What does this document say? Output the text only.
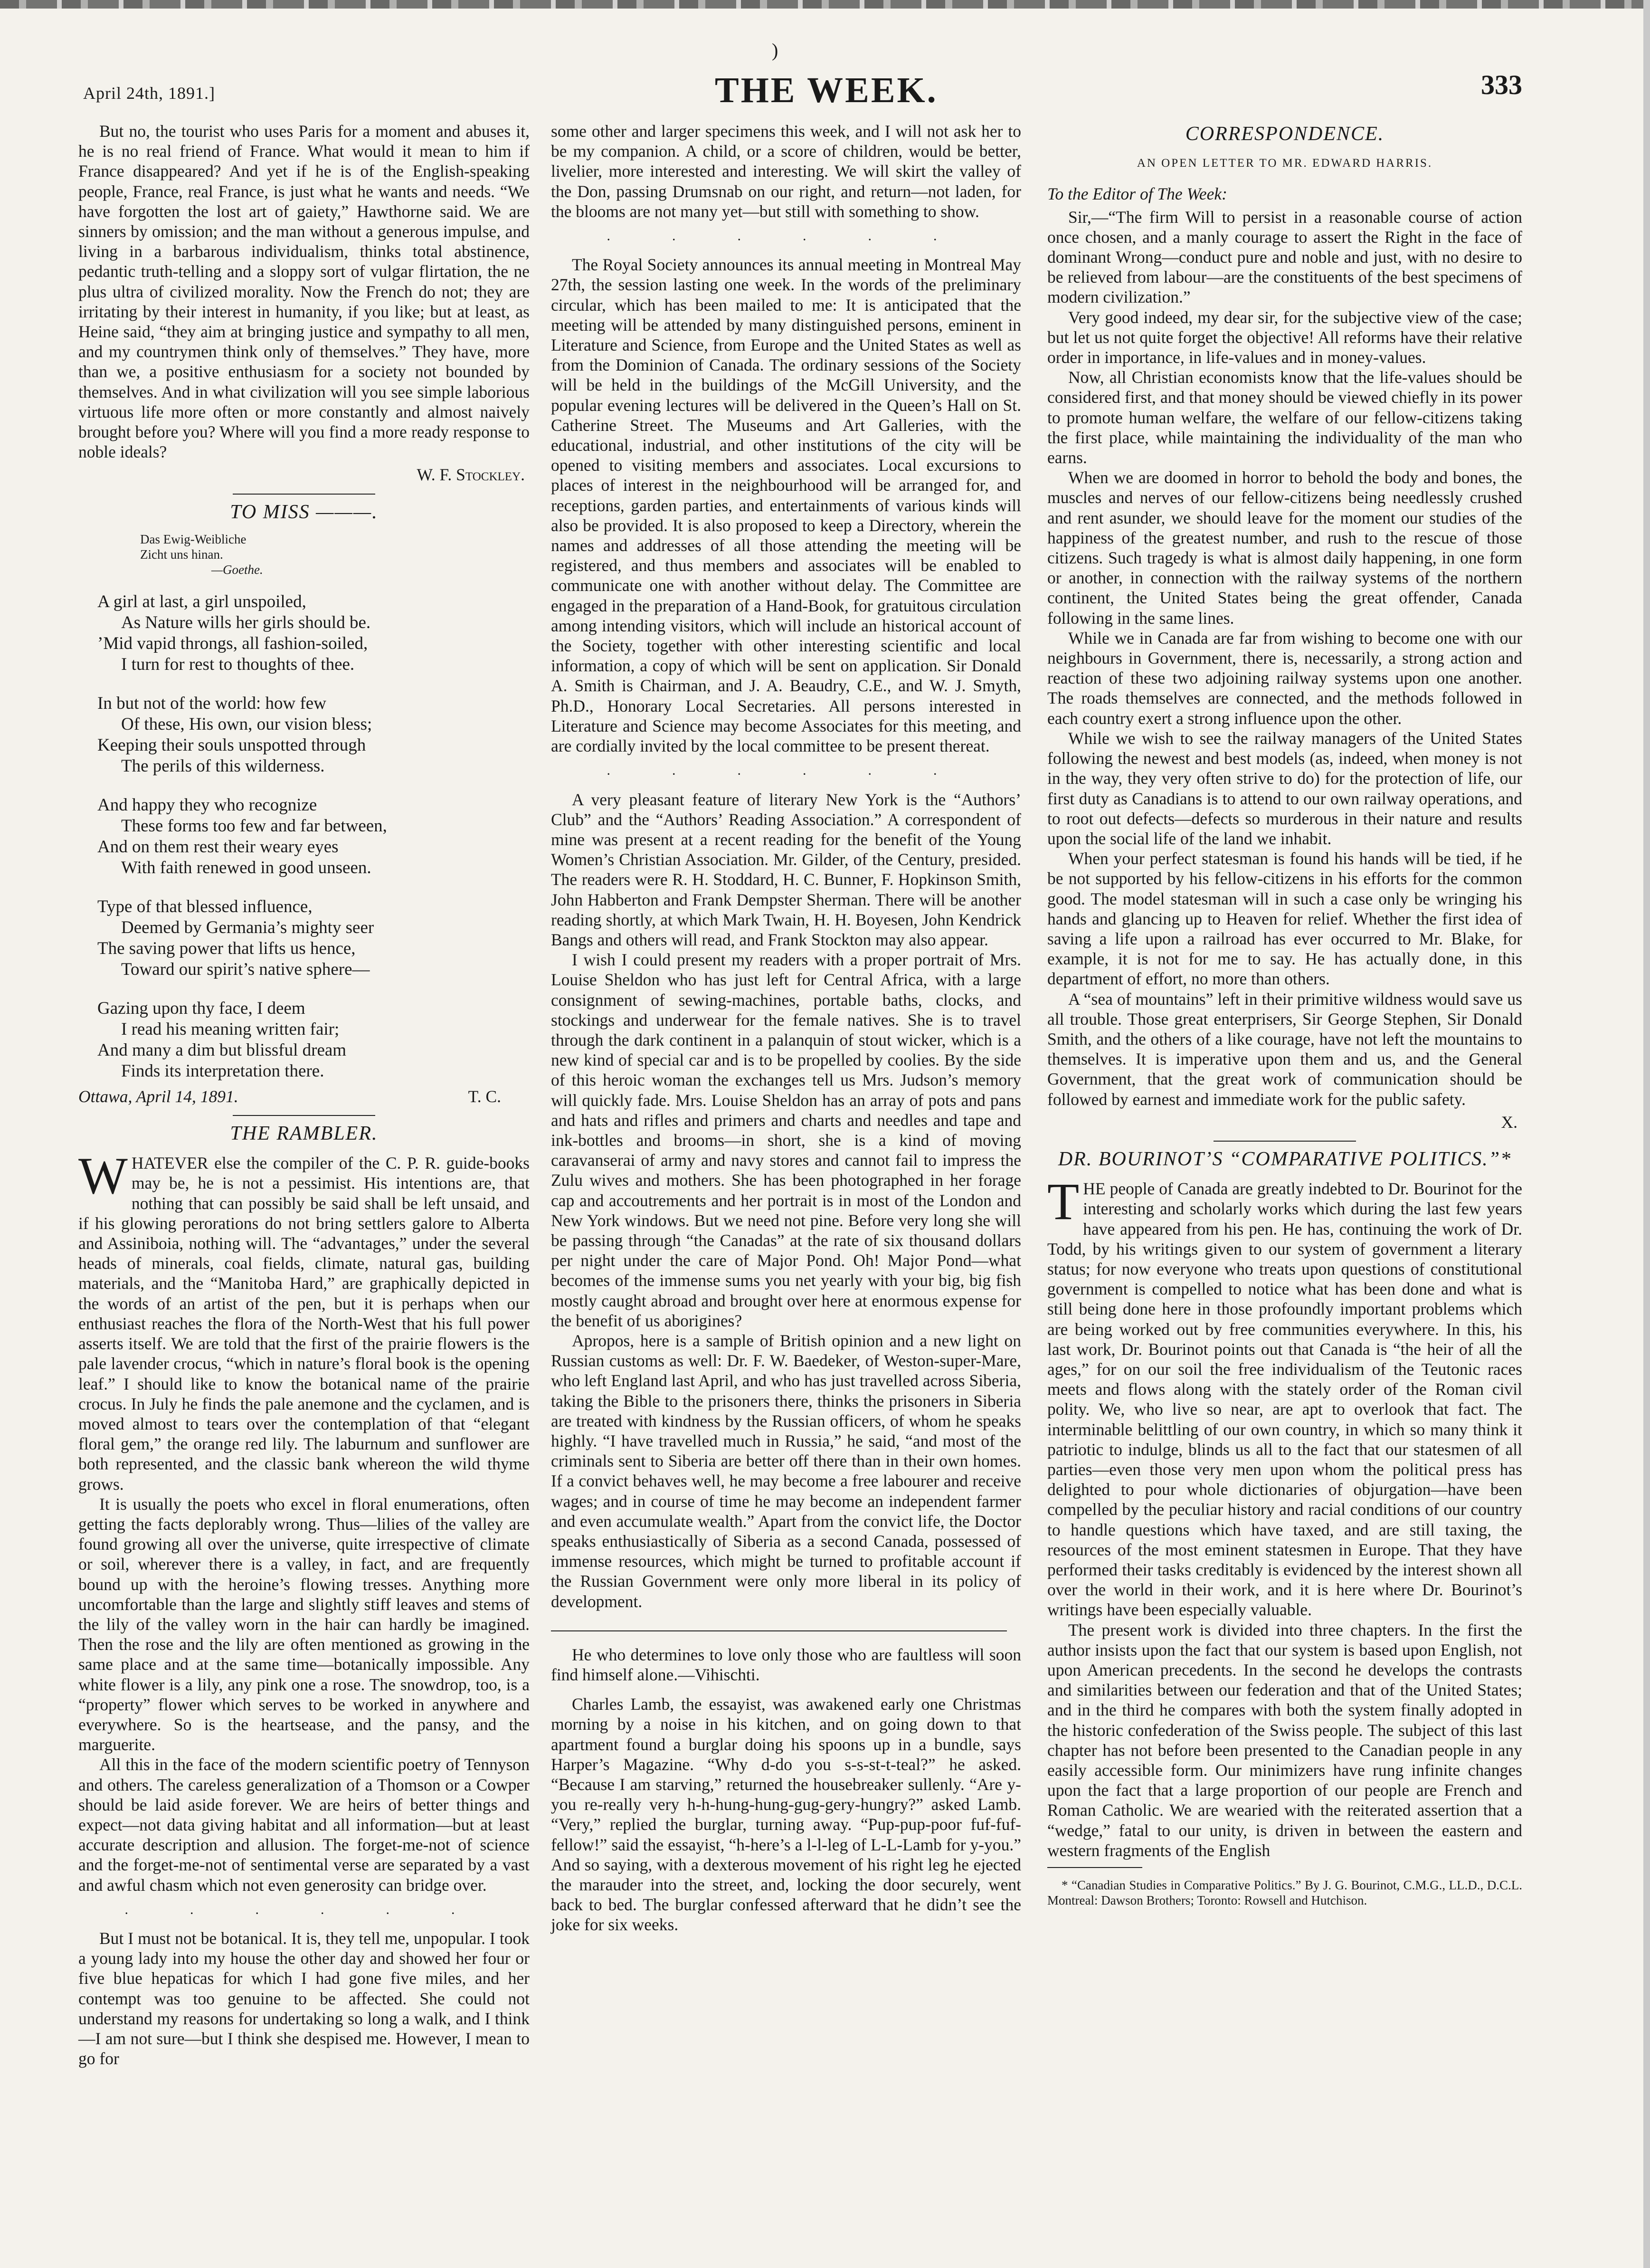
)
April 24th, 1891.]	THE WEEK.	333

But no, the tourist who uses Paris for a moment and abuses it, he is no real friend of France. What would it mean to him if France disappeared? And yet if he is of the English-speaking people, France, real France, is just what he wants and needs. “We have forgotten the lost art of gaiety,” Hawthorne said. We are sinners by omission; and the man without a generous impulse, and living in a barbarous individualism, thinks total abstinence, pedantic truth-telling and a sloppy sort of vulgar flirtation, the ne plus ultra of civilized morality. Now the French do not; they are irritating by their interest in humanity, if you like; but at least, as Heine said, “they aim at bringing justice and sympathy to all men, and my countrymen think only of themselves.” They have, more than we, a positive enthusiasm for a society not bounded by themselves. And in what civilization will you see simple laborious virtuous life more often or more constantly and almost naively brought before you? Where will you find a more ready response to noble ideals?

W. F. Stockley.
TO MISS ———.
Das Ewig-Weibliche
Zicht uns hinan.
—Goethe.
A girl at last, a girl unspoiled,
As Nature wills her girls should be.
’Mid vapid throngs, all fashion-soiled,
I turn for rest to thoughts of thee.
In but not of the world: how few
Of these, His own, our vision bless;
Keeping their souls unspotted through
The perils of this wilderness.
And happy they who recognize
These forms too few and far between,
And on them rest their weary eyes
With faith renewed in good unseen.
Type of that blessed influence,
Deemed by Germania’s mighty seer
The saving power that lifts us hence,
Toward our spirit’s native sphere—
Gazing upon thy face, I deem
I read his meaning written fair;
And many a dim but blissful dream
Finds its interpretation there.
Ottawa, April 14, 1891.	T. C.
THE RAMBLER.
WHATEVER else the compiler of the C. P. R. guide-books may be, he is not a pessimist. His intentions are, that nothing that can possibly be said shall be left unsaid, and if his glowing perorations do not bring settlers galore to Alberta and Assiniboia, nothing will. The “advantages,” under the several heads of minerals, coal fields, climate, natural gas, building materials, and the “Manitoba Hard,” are graphically depicted in the words of an artist of the pen, but it is perhaps when our enthusiast reaches the flora of the North-West that his full power asserts itself. We are told that the first of the prairie flowers is the pale lavender crocus, “which in nature’s floral book is the opening leaf.” I should like to know the botanical name of the prairie crocus. In July he finds the pale anemone and the cyclamen, and is moved almost to tears over the contemplation of that “elegant floral gem,” the orange red lily. The laburnum and sunflower are both represented, and the classic bank whereon the wild thyme grows.

It is usually the poets who excel in floral enumerations, often getting the facts deplorably wrong. Thus—lilies of the valley are found growing all over the universe, quite irrespective of climate or soil, wherever there is a valley, in fact, and are frequently bound up with the heroine’s flowing tresses. Anything more uncomfortable than the large and slightly stiff leaves and stems of the lily of the valley worn in the hair can hardly be imagined. Then the rose and the lily are often mentioned as growing in the same place and at the same time—botanically impossible. Any white flower is a lily, any pink one a rose. The snowdrop, too, is a “property” flower which serves to be worked in anywhere and everywhere. So is the heartsease, and the pansy, and the marguerite.

All this in the face of the modern scientific poetry of Tennyson and others. The careless generalization of a Thomson or a Cowper should be laid aside forever. We are heirs of better things and expect—not data giving habitat and all information—but at least accurate description and allusion. The forget-me-not of science and the forget-me-not of sentimental verse are separated by a vast and awful chasm which not even generosity can bridge over.

· · · · · ·

But I must not be botanical. It is, they tell me, unpopular. I took a young lady into my house the other day and showed her four or five blue hepaticas for which I had gone five miles, and her contempt was too genuine to be affected. She could not understand my reasons for undertaking so long a walk, and I think—I am not sure—but I think she despised me. However, I mean to go for

some other and larger specimens this week, and I will not ask her to be my companion. A child, or a score of children, would be better, livelier, more interested and interesting. We will skirt the valley of the Don, passing Drumsnab on our right, and return—not laden, for the blooms are not many yet—but still with something to show.

· · · · · ·

The Royal Society announces its annual meeting in Montreal May 27th, the session lasting one week. In the words of the preliminary circular, which has been mailed to me: It is anticipated that the meeting will be attended by many distinguished persons, eminent in Literature and Science, from Europe and the United States as well as from the Dominion of Canada. The ordinary sessions of the Society will be held in the buildings of the McGill University, and the popular evening lectures will be delivered in the Queen’s Hall on St. Catherine Street. The Museums and Art Galleries, with the educational, industrial, and other institutions of the city will be opened to visiting members and associates. Local excursions to places of interest in the neighbourhood will be arranged for, and receptions, garden parties, and entertainments of various kinds will also be provided. It is also proposed to keep a Directory, wherein the names and addresses of all those attending the meeting will be registered, and thus members and associates will be enabled to communicate one with another without delay. The Committee are engaged in the preparation of a Hand-Book, for gratuitous circulation among intending visitors, which will include an historical account of the Society, together with other interesting scientific and local information, a copy of which will be sent on application. Sir Donald A. Smith is Chairman, and J. A. Beaudry, C.E., and W. J. Smyth, Ph.D., Honorary Local Secretaries. All persons interested in Literature and Science may become Associates for this meeting, and are cordially invited by the local committee to be present thereat.

· · · · · ·

A very pleasant feature of literary New York is the “Authors’ Club” and the “Authors’ Reading Association.” A correspondent of mine was present at a recent reading for the benefit of the Young Women’s Christian Association. Mr. Gilder, of the Century, presided. The readers were R. H. Stoddard, H. C. Bunner, F. Hopkinson Smith, John Habberton and Frank Dempster Sherman. There will be another reading shortly, at which Mark Twain, H. H. Boyesen, John Kendrick Bangs and others will read, and Frank Stockton may also appear.

I wish I could present my readers with a proper portrait of Mrs. Louise Sheldon who has just left for Central Africa, with a large consignment of sewing-machines, portable baths, clocks, and stockings and underwear for the female natives. She is to travel through the dark continent in a palanquin of stout wicker, which is a new kind of special car and is to be propelled by coolies. By the side of this heroic woman the exchanges tell us Mrs. Judson’s memory will quickly fade. Mrs. Louise Sheldon has an array of pots and pans and hats and rifles and primers and charts and needles and tape and ink-bottles and brooms—in short, she is a kind of moving caravanserai of army and navy stores and cannot fail to impress the Zulu wives and mothers. She has been photographed in her forage cap and accoutrements and her portrait is in most of the London and New York windows. But we need not pine. Before very long she will be passing through “the Canadas” at the rate of six thousand dollars per night under the care of Major Pond. Oh! Major Pond—what becomes of the immense sums you net yearly with your big, big fish mostly caught abroad and brought over here at enormous expense for the benefit of us aborigines?

Apropos, here is a sample of British opinion and a new light on Russian customs as well: Dr. F. W. Baedeker, of Weston-super-Mare, who left England last April, and who has just travelled across Siberia, taking the Bible to the prisoners there, thinks the prisoners in Siberia are treated with kindness by the Russian officers, of whom he speaks highly. “I have travelled much in Russia,” he said, “and most of the criminals sent to Siberia are better off there than in their own homes. If a convict behaves well, he may become a free labourer and receive wages; and in course of time he may become an independent farmer and even accumulate wealth.” Apart from the convict life, the Doctor speaks enthusiastically of Siberia as a second Canada, possessed of immense resources, which might be turned to profitable account if the Russian Government were only more liberal in its policy of development.

He who determines to love only those who are faultless will soon find himself alone.—Vihischti.

Charles Lamb, the essayist, was awakened early one Christmas morning by a noise in his kitchen, and on going down to that apartment found a burglar doing his spoons up in a bundle, says Harper’s Magazine. “Why d-do you s-s-st-t-teal?” he asked. “Because I am starving,” returned the housebreaker sullenly. “Are y-you re-really very h-h-hung-hung-gug-gery-hungry?” asked Lamb. “Very,” replied the burglar, turning away. “Pup-pup-poor fuf-fuf-fellow!” said the essayist, “h-here’s a l-l-leg of L-L-Lamb for y-you.” And so saying, with a dexterous movement of his right leg he ejected the marauder into the street, and, locking the door securely, went back to bed. The burglar confessed afterward that he didn’t see the joke for six weeks.

CORRESPONDENCE.
AN OPEN LETTER TO MR. EDWARD HARRIS.
To the Editor of The Week:

Sir,—“The firm Will to persist in a reasonable course of action once chosen, and a manly courage to assert the Right in the face of dominant Wrong—conduct pure and noble and just, with no desire to be relieved from labour—are the constituents of the best specimens of modern civilization.”

Very good indeed, my dear sir, for the subjective view of the case; but let us not quite forget the objective! All reforms have their relative order in importance, in life-values and in money-values.

Now, all Christian economists know that the life-values should be considered first, and that money should be viewed chiefly in its power to promote human welfare, the welfare of our fellow-citizens taking the first place, while maintaining the individuality of the man who earns.

When we are doomed in horror to behold the body and bones, the muscles and nerves of our fellow-citizens being needlessly crushed and rent asunder, we should leave for the moment our studies of the happiness of the greatest number, and rush to the rescue of those citizens. Such tragedy is what is almost daily happening, in one form or another, in connection with the railway systems of the northern continent, the United States being the great offender, Canada following in the same lines.

While we in Canada are far from wishing to become one with our neighbours in Government, there is, necessarily, a strong action and reaction of these two adjoining railway systems upon one another. The roads themselves are connected, and the methods followed in each country exert a strong influence upon the other.

While we wish to see the railway managers of the United States following the newest and best models (as, indeed, when money is not in the way, they very often strive to do) for the protection of life, our first duty as Canadians is to attend to our own railway operations, and to root out defects—defects so murderous in their nature and results upon the social life of the land we inhabit.

When your perfect statesman is found his hands will be tied, if he be not supported by his fellow-citizens in his efforts for the common good. The model statesman will in such a case only be wringing his hands and glancing up to Heaven for relief. Whether the first idea of saving a life upon a railroad has ever occurred to Mr. Blake, for example, it is not for me to say. He has actually done, in this department of effort, no more than others.

A “sea of mountains” left in their primitive wildness would save us all trouble. Those great enterprisers, Sir George Stephen, Sir Donald Smith, and the others of a like courage, have not left the mountains to themselves. It is imperative upon them and us, and the General Government, that the great work of communication should be followed by earnest and immediate work for the public safety.

X.
DR. BOURINOT’S “COMPARATIVE POLITICS.”*
THE people of Canada are greatly indebted to Dr. Bourinot for the interesting and scholarly works which during the last few years have appeared from his pen. He has, continuing the work of Dr. Todd, by his writings given to our system of government a literary status; for now everyone who treats upon questions of constitutional government is compelled to notice what has been done and what is still being done here in those profoundly important problems which are being worked out by free communities everywhere. In this, his last work, Dr. Bourinot points out that Canada is “the heir of all the ages,” for on our soil the free individualism of the Teutonic races meets and flows along with the stately order of the Roman civil polity. We, who live so near, are apt to overlook that fact. The interminable belittling of our own country, in which so many think it patriotic to indulge, blinds us all to the fact that our statesmen of all parties—even those very men upon whom the political press has delighted to pour whole dictionaries of objurgation—have been compelled by the peculiar history and racial conditions of our country to handle questions which have taxed, and are still taxing, the resources of the most eminent statesmen in Europe. That they have performed their tasks creditably is evidenced by the interest shown all over the world in their work, and it is here where Dr. Bourinot’s writings have been especially valuable.

The present work is divided into three chapters. In the first the author insists upon the fact that our system is based upon English, not upon American precedents. In the second he develops the contrasts and similarities between our federation and that of the United States; and in the third he compares with both the system finally adopted in the historic confederation of the Swiss people. The subject of this last chapter has not before been presented to the Canadian people in any easily accessible form. Our minimizers have rung infinite changes upon the fact that a large proportion of our people are French and Roman Catholic. We are wearied with the reiterated assertion that a “wedge,” fatal to our unity, is driven in between the eastern and western fragments of the English

* “Canadian Studies in Comparative Politics.” By J. G. Bourinot, C.M.G., LL.D., D.C.L. Montreal: Dawson Brothers; Toronto: Rowsell and Hutchison.
